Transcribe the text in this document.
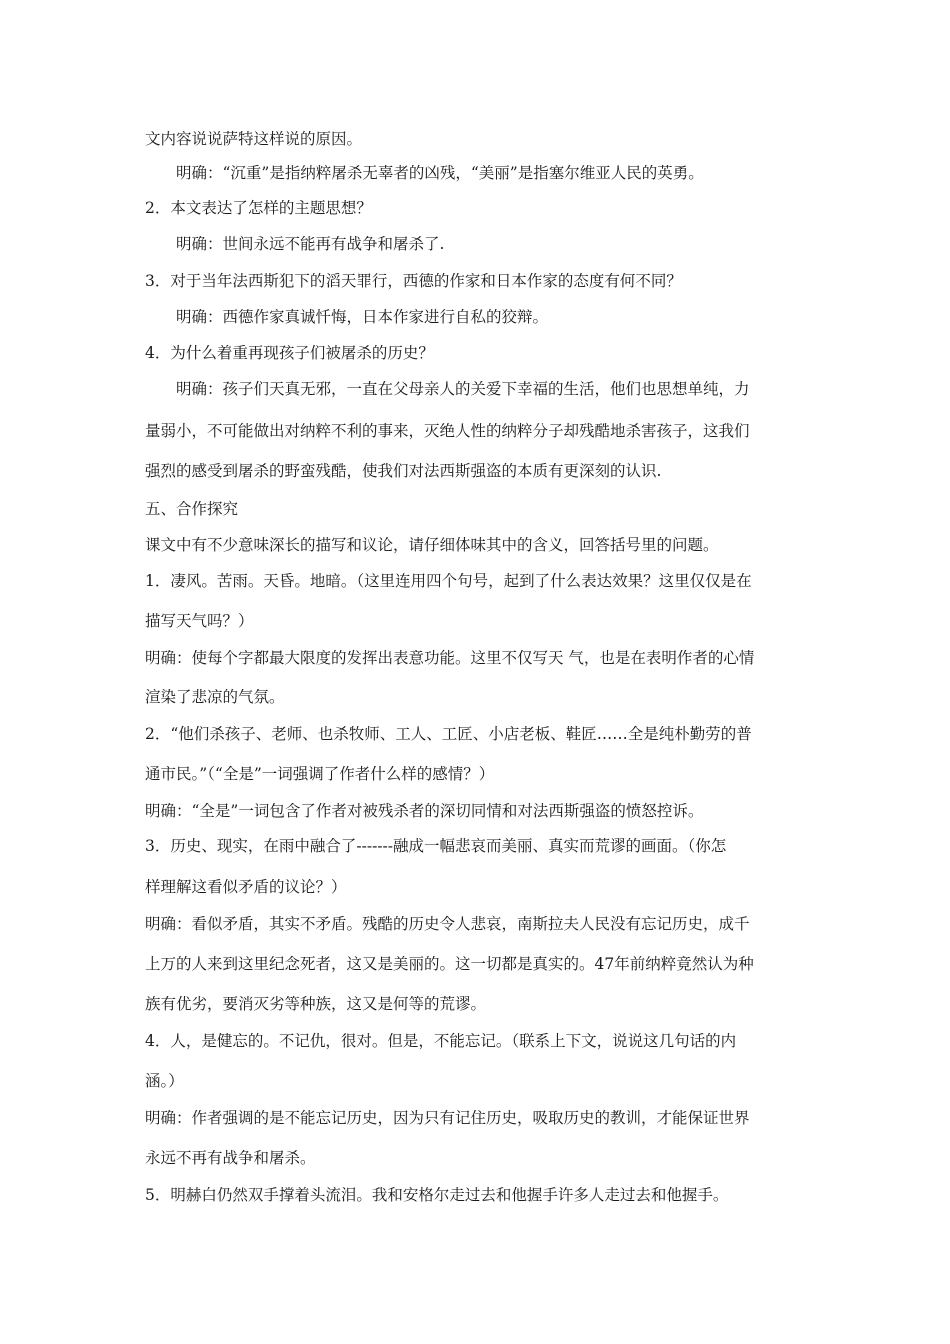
文内容说说萨特这样说的原因。
明确：“沉重”是指纳粹屠杀无辜者的凶残，“美丽”是指塞尔维亚人民的英勇。
2．本文表达了怎样的主题思想？
明确：世间永远不能再有战争和屠杀了.
3．对于当年法西斯犯下的滔天罪行，西德的作家和日本作家的态度有何不同？
明确：西德作家真诚忏悔，日本作家进行自私的狡辩。
4．为什么着重再现孩子们被屠杀的历史？
明确：孩子们天真无邪，一直在父母亲人的关爱下幸福的生活，他们也思想单纯，力
量弱小，不可能做出对纳粹不利的事来，灭绝人性的纳粹分子却残酷地杀害孩子，这我们
强烈的感受到屠杀的野蛮残酷，使我们对法西斯强盗的本质有更深刻的认识.
五、合作探究
课文中有不少意味深长的描写和议论，请仔细体味其中的含义，回答括号里的问题。
1．凄风。苦雨。天昏。地暗。（这里连用四个句号，起到了什么表达效果？这里仅仅是在
描写天气吗？）
明确：使每个字都最大限度的发挥出表意功能。这里不仅写天 气，也是在表明作者的心情
渲染了悲凉的气氛。
2．“他们杀孩子、老师、也杀牧师、工人、工匠、小店老板、鞋匠……全是纯朴勤劳的普
通市民。”（“全是”一词强调了作者什么样的感情？）
明确：“全是”一词包含了作者对被残杀者的深切同情和对法西斯强盗的愤怒控诉。
3．历史、现实，在雨中融合了-------融成一幅悲哀而美丽、真实而荒谬的画面。（你怎
样理解这看似矛盾的议论？）
明确：看似矛盾，其实不矛盾。残酷的历史令人悲哀，南斯拉夫人民没有忘记历史，成千
上万的人来到这里纪念死者，这又是美丽的。这一切都是真实的。47年前纳粹竟然认为种
族有优劣，要消灭劣等种族，这又是何等的荒谬。
4．人，是健忘的。不记仇，很对。但是，不能忘记。（联系上下文，说说这几句话的内
涵。）
明确：作者强调的是不能忘记历史，因为只有记住历史，吸取历史的教训，才能保证世界
永远不再有战争和屠杀。
5．明赫白仍然双手撑着头流泪。我和安格尔走过去和他握手许多人走过去和他握手。
